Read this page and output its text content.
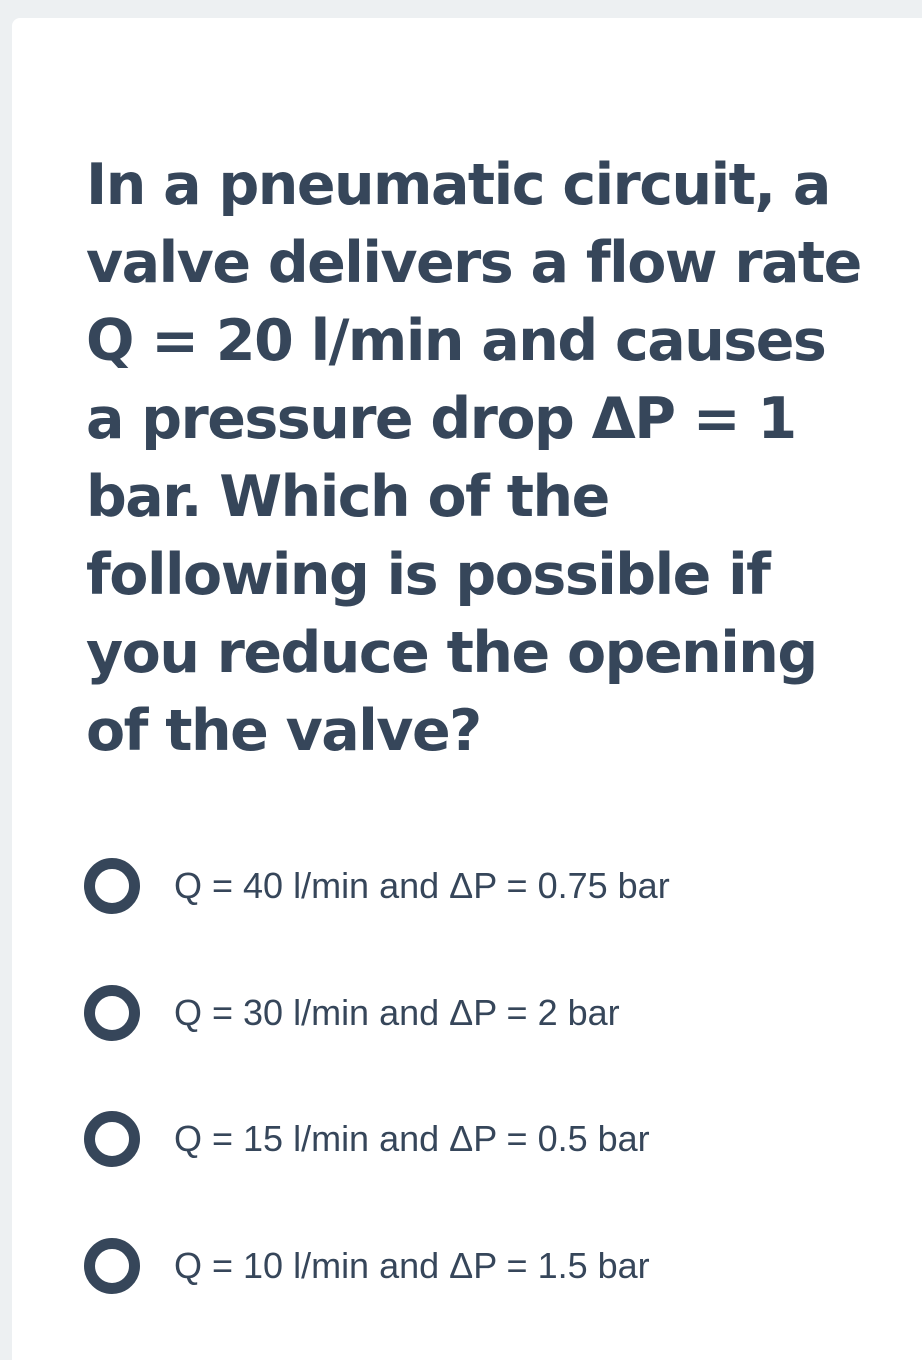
In a pneumatic circuit, a valve delivers a flow rate Q = 20 l/min and causes a pressure drop ΔP = 1 bar. Which of the following is possible if you reduce the opening of the valve?

Q = 40 l/min and ΔP = 0.75 bar
Q = 30 l/min and ΔP = 2 bar
Q = 15 l/min and ΔP = 0.5 bar
Q = 10 l/min and ΔP = 1.5 bar
